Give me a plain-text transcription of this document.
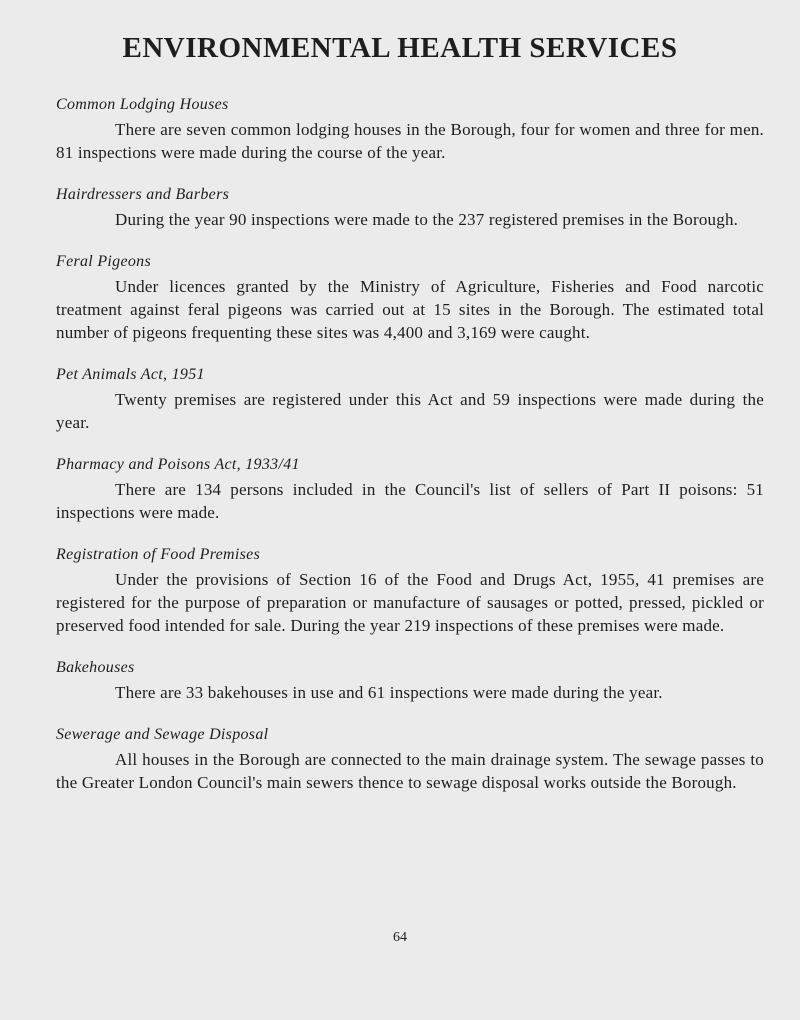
ENVIRONMENTAL HEALTH SERVICES

Common Lodging Houses

There are seven common lodging houses in the Borough, four for women and three for men. 81 inspections were made during the course of the year.

Hairdressers and Barbers

During the year 90 inspections were made to the 237 registered premises in the Borough.

Feral Pigeons

Under licences granted by the Ministry of Agriculture, Fisheries and Food narcotic treatment against feral pigeons was carried out at 15 sites in the Borough. The estimated total number of pigeons frequenting these sites was 4,400 and 3,169 were caught.

Pet Animals Act, 1951

Twenty premises are registered under this Act and 59 inspections were made during the year.

Pharmacy and Poisons Act, 1933/41

There are 134 persons included in the Council's list of sellers of Part II poisons: 51 inspections were made.

Registration of Food Premises

Under the provisions of Section 16 of the Food and Drugs Act, 1955, 41 premises are registered for the purpose of preparation or manufacture of sausages or potted, pressed, pickled or preserved food intended for sale. During the year 219 inspections of these premises were made.

Bakehouses

There are 33 bakehouses in use and 61 inspections were made during the year.

Sewerage and Sewage Disposal

All houses in the Borough are connected to the main drainage system. The sewage passes to the Greater London Council's main sewers thence to sewage disposal works outside the Borough.

64
